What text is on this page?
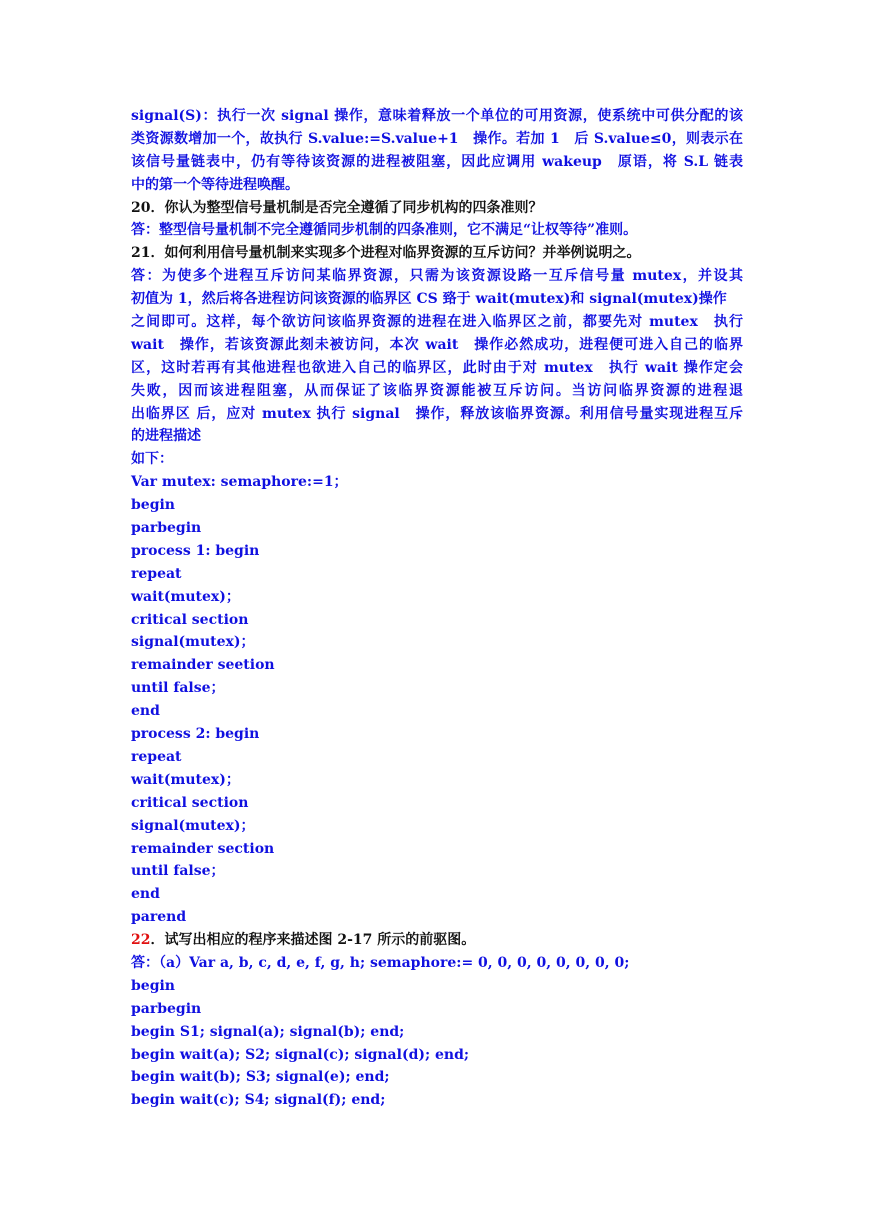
signal(S)：执行一次 signal 操作，意味着释放一个单位的可用资源，使系统中可供分配的该
类资源数增加一个，故执行 S.value:=S.value+1　操作。若加 1　后 S.value≤0，则表示在
该信号量链表中，仍有等待该资源的进程被阻塞，因此应调用 wakeup　原语，将 S.L 链表
中的第一个等待进程唤醒。
20．你认为整型信号量机制是否完全遵循了同步机构的四条准则？
答：整型信号量机制不完全遵循同步机制的四条准则，它不满足“让权等待”准则。
21．如何利用信号量机制来实现多个进程对临界资源的互斥访问？并举例说明之。
答：为使多个进程互斥访问某临界资源，只需为该资源设路一互斥信号量 mutex，并设其
初值为 1，然后将各进程访问该资源的临界区 CS 臵于 wait(mutex)和 signal(mutex)操作
之间即可。这样，每个欲访问该临界资源的进程在进入临界区之前，都要先对 mutex　执行
wait　操作，若该资源此刻未被访问，本次 wait　操作必然成功，进程便可进入自己的临界
区，这时若再有其他进程也欲进入自己的临界区，此时由于对 mutex　执行 wait 操作定会
失败，因而该进程阻塞，从而保证了该临界资源能被互斥访问。当访问临界资源的进程退
出临界区 后，应对 mutex 执行 signal　操作，释放该临界资源。利用信号量实现进程互斥
的进程描述
如下：
Var mutex: semaphore:=1；
begin
parbegin
process 1: begin
repeat
wait(mutex)；
critical section
signal(mutex)；
remainder seetion
until false；
end
process 2: begin
repeat
wait(mutex)；
critical section
signal(mutex)；
remainder section
until false；
end
parend
22．试写出相应的程序来描述图 2-17 所示的前驱图。
答：（a）Var a, b, c, d, e, f, g, h; semaphore:= 0, 0, 0, 0, 0, 0, 0, 0;
begin
parbegin
begin S1; signal(a); signal(b); end;
begin wait(a); S2; signal(c); signal(d); end;
begin wait(b); S3; signal(e); end;
begin wait(c); S4; signal(f); end;
